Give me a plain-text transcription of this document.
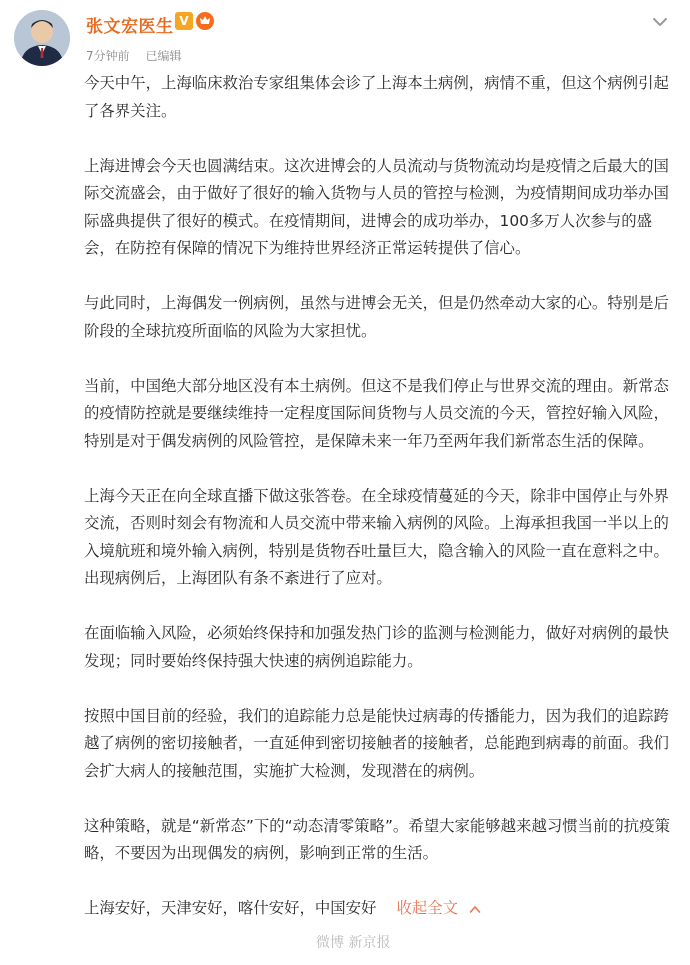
张文宏医生 V
7分钟前 已编辑

今天中午，上海临床救治专家组集体会诊了上海本土病例，病情不重，但这个病例引起了各界关注。

上海进博会今天也圆满结束。这次进博会的人员流动与货物流动均是疫情之后最大的国际交流盛会，由于做好了很好的输入货物与人员的管控与检测，为疫情期间成功举办国际盛典提供了很好的模式。在疫情期间，进博会的成功举办，100多万人次参与的盛会，在防控有保障的情况下为维持世界经济正常运转提供了信心。

与此同时，上海偶发一例病例，虽然与进博会无关，但是仍然牵动大家的心。特别是后阶段的全球抗疫所面临的风险为大家担忧。

当前，中国绝大部分地区没有本土病例。但这不是我们停止与世界交流的理由。新常态的疫情防控就是要继续维持一定程度国际间货物与人员交流的今天，管控好输入风险，特别是对于偶发病例的风险管控，是保障未来一年乃至两年我们新常态生活的保障。

上海今天正在向全球直播下做这张答卷。在全球疫情蔓延的今天，除非中国停止与外界交流，否则时刻会有物流和人员交流中带来输入病例的风险。上海承担我国一半以上的入境航班和境外输入病例，特别是货物吞吐量巨大，隐含输入的风险一直在意料之中。出现病例后，上海团队有条不紊进行了应对。

在面临输入风险，必须始终保持和加强发热门诊的监测与检测能力，做好对病例的最快发现；同时要始终保持强大快速的病例追踪能力。

按照中国目前的经验，我们的追踪能力总是能快过病毒的传播能力，因为我们的追踪跨越了病例的密切接触者，一直延伸到密切接触者的接触者，总能跑到病毒的前面。我们会扩大病人的接触范围，实施扩大检测，发现潜在的病例。

这种策略，就是“新常态”下的“动态清零策略”。希望大家能够越来越习惯当前的抗疫策略，不要因为出现偶发的病例，影响到正常的生活。

上海安好，天津安好，喀什安好，中国安好 收起全文

微博 新京报
